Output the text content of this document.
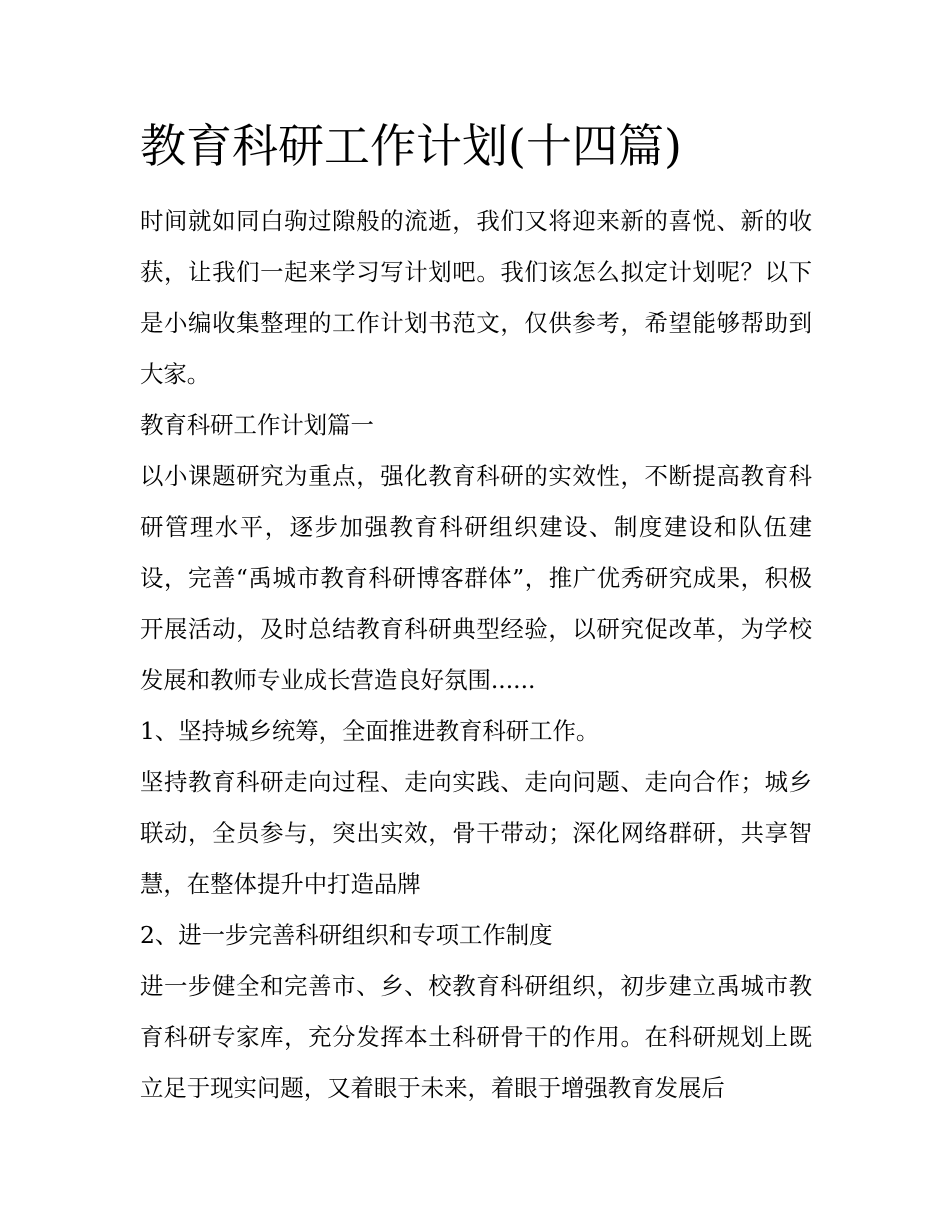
教育科研工作计划(十四篇)

时间就如同白驹过隙般的流逝，我们又将迎来新的喜悦、新的收获，让我们一起来学习写计划吧。我们该怎么拟定计划呢？以下是小编收集整理的工作计划书范文，仅供参考，希望能够帮助到大家。

教育科研工作计划篇一

以小课题研究为重点，强化教育科研的实效性，不断提高教育科研管理水平，逐步加强教育科研组织建设、制度建设和队伍建设，完善“禹城市教育科研博客群体”，推广优秀研究成果，积极开展活动，及时总结教育科研典型经验，以研究促改革，为学校发展和教师专业成长营造良好氛围......

1、坚持城乡统筹，全面推进教育科研工作。

坚持教育科研走向过程、走向实践、走向问题、走向合作；城乡联动，全员参与，突出实效，骨干带动；深化网络群研，共享智慧，在整体提升中打造品牌

2、进一步完善科研组织和专项工作制度

进一步健全和完善市、乡、校教育科研组织，初步建立禹城市教育科研专家库，充分发挥本土科研骨干的作用。在科研规划上既立足于现实问题，又着眼于未来，着眼于增强教育发展后
